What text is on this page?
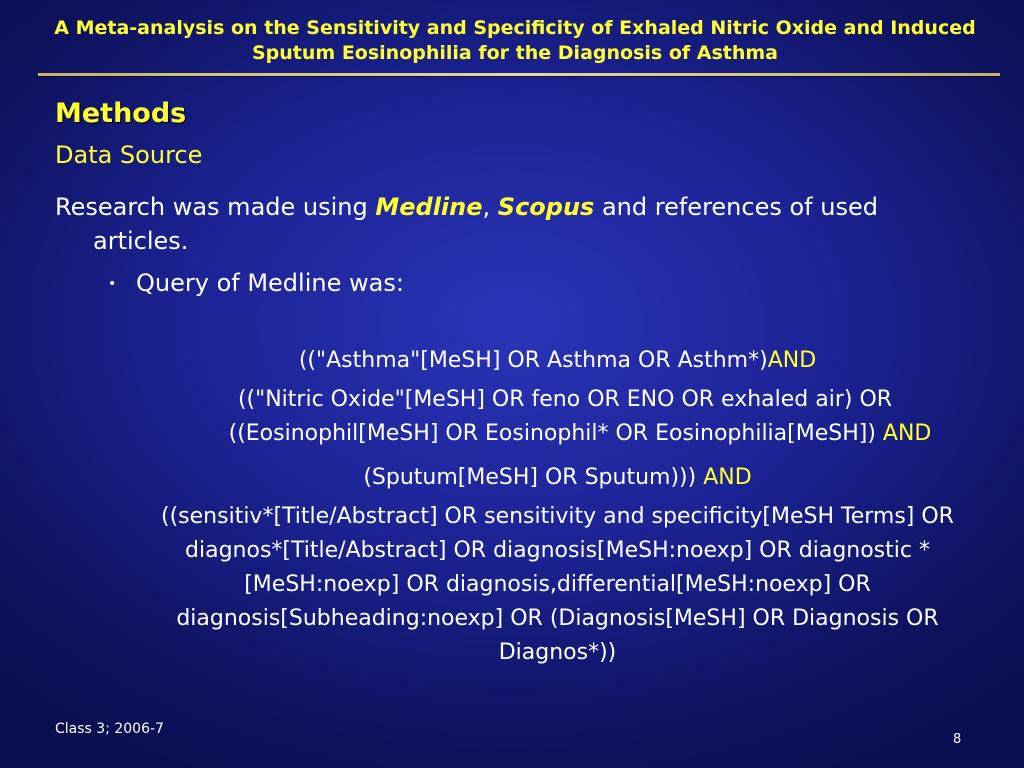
A Meta-analysis on the Sensitivity and Specificity of Exhaled Nitric Oxide and Induced Sputum Eosinophilia for the Diagnosis of Asthma
Methods
Data Source
Research was made using Medline, Scopus and references of used articles.
• Query of Medline was:
(("Asthma"[MeSH] OR Asthma OR Asthm*)AND
(("Nitric Oxide"[MeSH] OR feno OR ENO OR exhaled air) OR ((Eosinophil[MeSH] OR Eosinophil* OR Eosinophilia[MeSH]) AND
(Sputum[MeSH] OR Sputum))) AND
((sensitiv*[Title/Abstract] OR sensitivity and specificity[MeSH Terms] OR diagnos*[Title/Abstract] OR diagnosis[MeSH:noexp] OR diagnostic * [MeSH:noexp] OR diagnosis,differential[MeSH:noexp] OR diagnosis[Subheading:noexp] OR (Diagnosis[MeSH] OR Diagnosis OR Diagnos*))
Class 3; 2006-7
8
